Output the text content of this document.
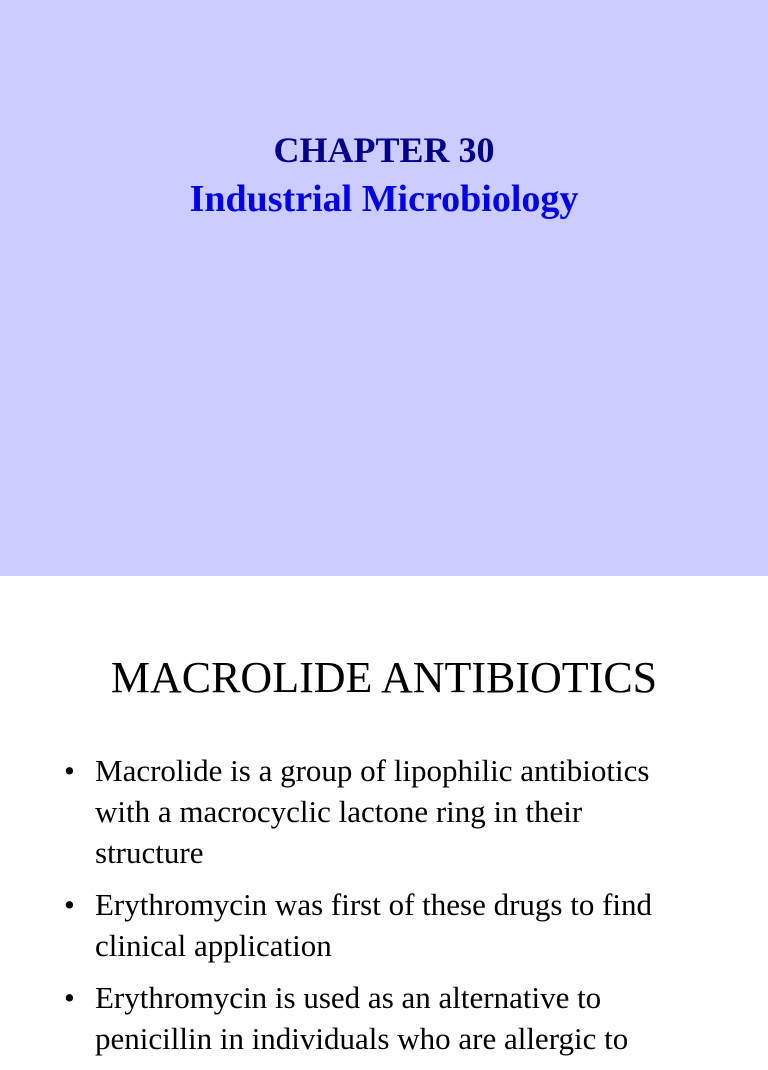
CHAPTER 30
Industrial Microbiology
MACROLIDE ANTIBIOTICS
• Macrolide is a group of lipophilic antibiotics with a macrocyclic lactone ring in their structure
• Erythromycin was first of these drugs to find clinical application
• Erythromycin is used as an alternative to penicillin in individuals who are allergic to
